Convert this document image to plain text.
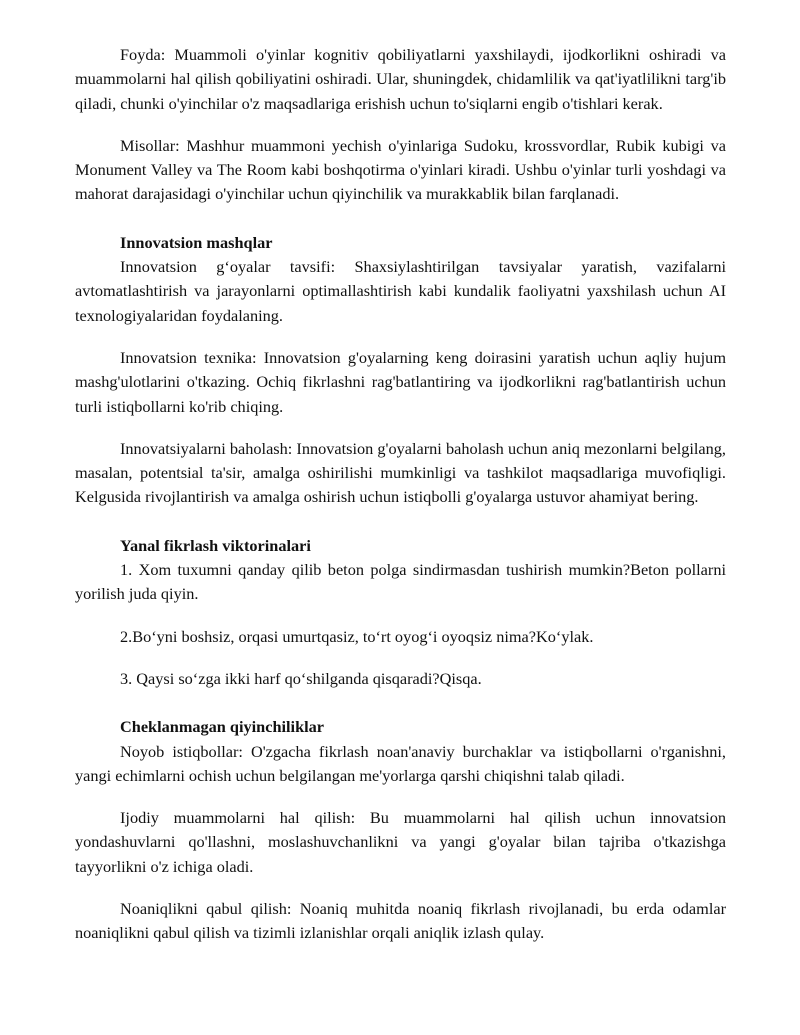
Foyda: Muammoli o'yinlar kognitiv qobiliyatlarni yaxshilaydi, ijodkorlikni oshiradi va muammolarni hal qilish qobiliyatini oshiradi. Ular, shuningdek, chidamlilik va qat'iyatlilikni targ'ib qiladi, chunki o'yinchilar o'z maqsadlariga erishish uchun to'siqlarni engib o'tishlari kerak.

Misollar: Mashhur muammoni yechish o'yinlariga Sudoku, krossvordlar, Rubik kubigi va Monument Valley va The Room kabi boshqotirma o'yinlari kiradi. Ushbu o'yinlar turli yoshdagi va mahorat darajasidagi o'yinchilar uchun qiyinchilik va murakkablik bilan farqlanadi.

Innovatsion mashqlar

Innovatsion g‘oyalar tavsifi: Shaxsiylashtirilgan tavsiyalar yaratish, vazifalarni avtomatlashtirish va jarayonlarni optimallashtirish kabi kundalik faoliyatni yaxshilash uchun AI texnologiyalaridan foydalaning.

Innovatsion texnika: Innovatsion g'oyalarning keng doirasini yaratish uchun aqliy hujum mashg'ulotlarini o'tkazing. Ochiq fikrlashni rag'batlantiring va ijodkorlikni rag'batlantirish uchun turli istiqbollarni ko'rib chiqing.

Innovatsiyalarni baholash: Innovatsion g'oyalarni baholash uchun aniq mezonlarni belgilang, masalan, potentsial ta'sir, amalga oshirilishi mumkinligi va tashkilot maqsadlariga muvofiqligi. Kelgusida rivojlantirish va amalga oshirish uchun istiqbolli g'oyalarga ustuvor ahamiyat bering.

Yanal fikrlash viktorinalari

1. Xom tuxumni qanday qilib beton polga sindirmasdan tushirish mumkin?Beton pollarni yorilish juda qiyin.

2.Bo‘yni boshsiz, orqasi umurtqasiz, to‘rt oyog‘i oyoqsiz nima?Ko‘ylak.

3. Qaysi so‘zga ikki harf qo‘shilganda qisqaradi?Qisqa.

Cheklanmagan qiyinchiliklar

Noyob istiqbollar: O'zgacha fikrlash noan'anaviy burchaklar va istiqbollarni o'rganishni, yangi echimlarni ochish uchun belgilangan me'yorlarga qarshi chiqishni talab qiladi.

Ijodiy muammolarni hal qilish: Bu muammolarni hal qilish uchun innovatsion yondashuvlarni qo'llashni, moslashuvchanlikni va yangi g'oyalar bilan tajriba o'tkazishga tayyorlikni o'z ichiga oladi.

Noaniqlikni qabul qilish: Noaniq muhitda noaniq fikrlash rivojlanadi, bu erda odamlar noaniqlikni qabul qilish va tizimli izlanishlar orqali aniqlik izlash qulay.
